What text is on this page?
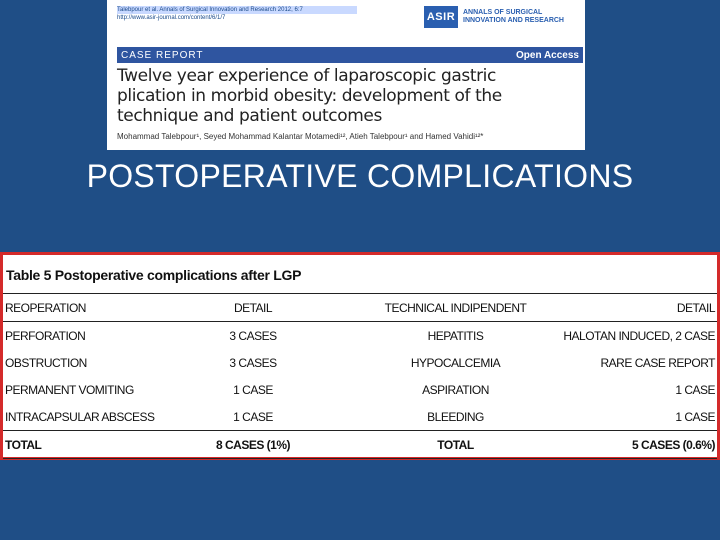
Talebpour et al. Annals of Surgical Innovation and Research 2012, 6:7
http://www.asir-journal.com/content/6/1/7	ASIR	ANNALS OF SURGICAL
INNOVATION AND RESEARCH
CASE REPORT	Open Access
Twelve year experience of laparoscopic gastric
plication in morbid obesity: development of the
technique and patient outcomes
Mohammad Talebpour¹, Seyed Mohammad Kalantar Motamedi¹², Atieh Talebpour¹ and Hamed Vahidi¹²*
POSTOPERATIVE COMPLICATIONS
Table 5 Postoperative complications after LGP
REOPERATION	DETAIL	TECHNICAL INDIPENDENT	DETAIL
PERFORATION	3 CASES	HEPATITIS	HALOTAN INDUCED, 2 CASE
OBSTRUCTION	3 CASES	HYPOCALCEMIA	RARE CASE REPORT
PERMANENT VOMITING	1 CASE	ASPIRATION	1 CASE
INTRACAPSULAR ABSCESS	1 CASE	BLEEDING	1 CASE
TOTAL	8 CASES (1%)	TOTAL	5 CASES (0.6%)
